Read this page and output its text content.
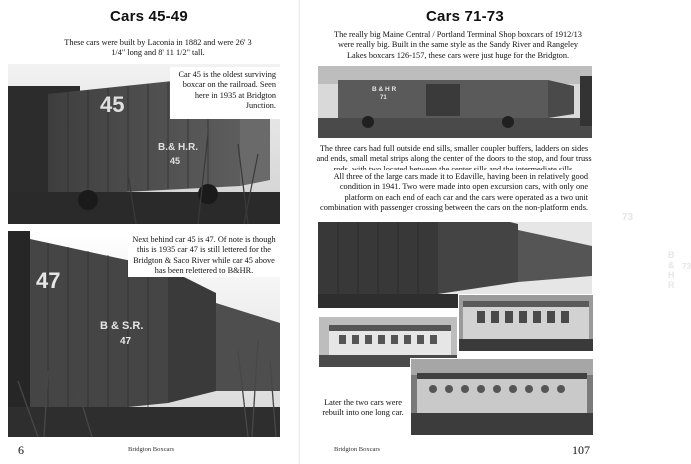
Cars 45-49

These cars were built by Laconia in 1882 and were 26' 3 1/4" long and 8' 11 1/2" tall.

45
B.& H.R.
45

Car 45 is the oldest surviving boxcar on the railroad. Seen here in 1935 at Bridgton Junction.

47
B & S.R.
47

Next behind car 45 is 47. Of note is though this is 1935 car 47 is still lettered for the Bridgton & Saco River while car 45 above has been relettered to B&HR.

6	Bridgton Boxcars
Cars 71-73

The really big Maine Central / Portland Terminal Shop boxcars of 1912/13 were really big. Built in the same style as the Sandy River and Rangeley Lakes boxcars 126-157, these cars were just huge for the Bridgton.

B & H R
71

The three cars had full outside end sills, smaller coupler buffers, ladders on sides and ends, small metal strips along the center of the doors to the stop, and four truss

73
B & H R
73

All three of the large cars made it to Edaville, having been in relatively good condition in 1941. Two were made into open excursion cars, with only one platform on each end of each car and the cars were operated as a two unit combination with passenger crossing between the cars on the non-platform ends.

Later the two cars were rebuilt into one long car.

Bridgton Boxcars	107
